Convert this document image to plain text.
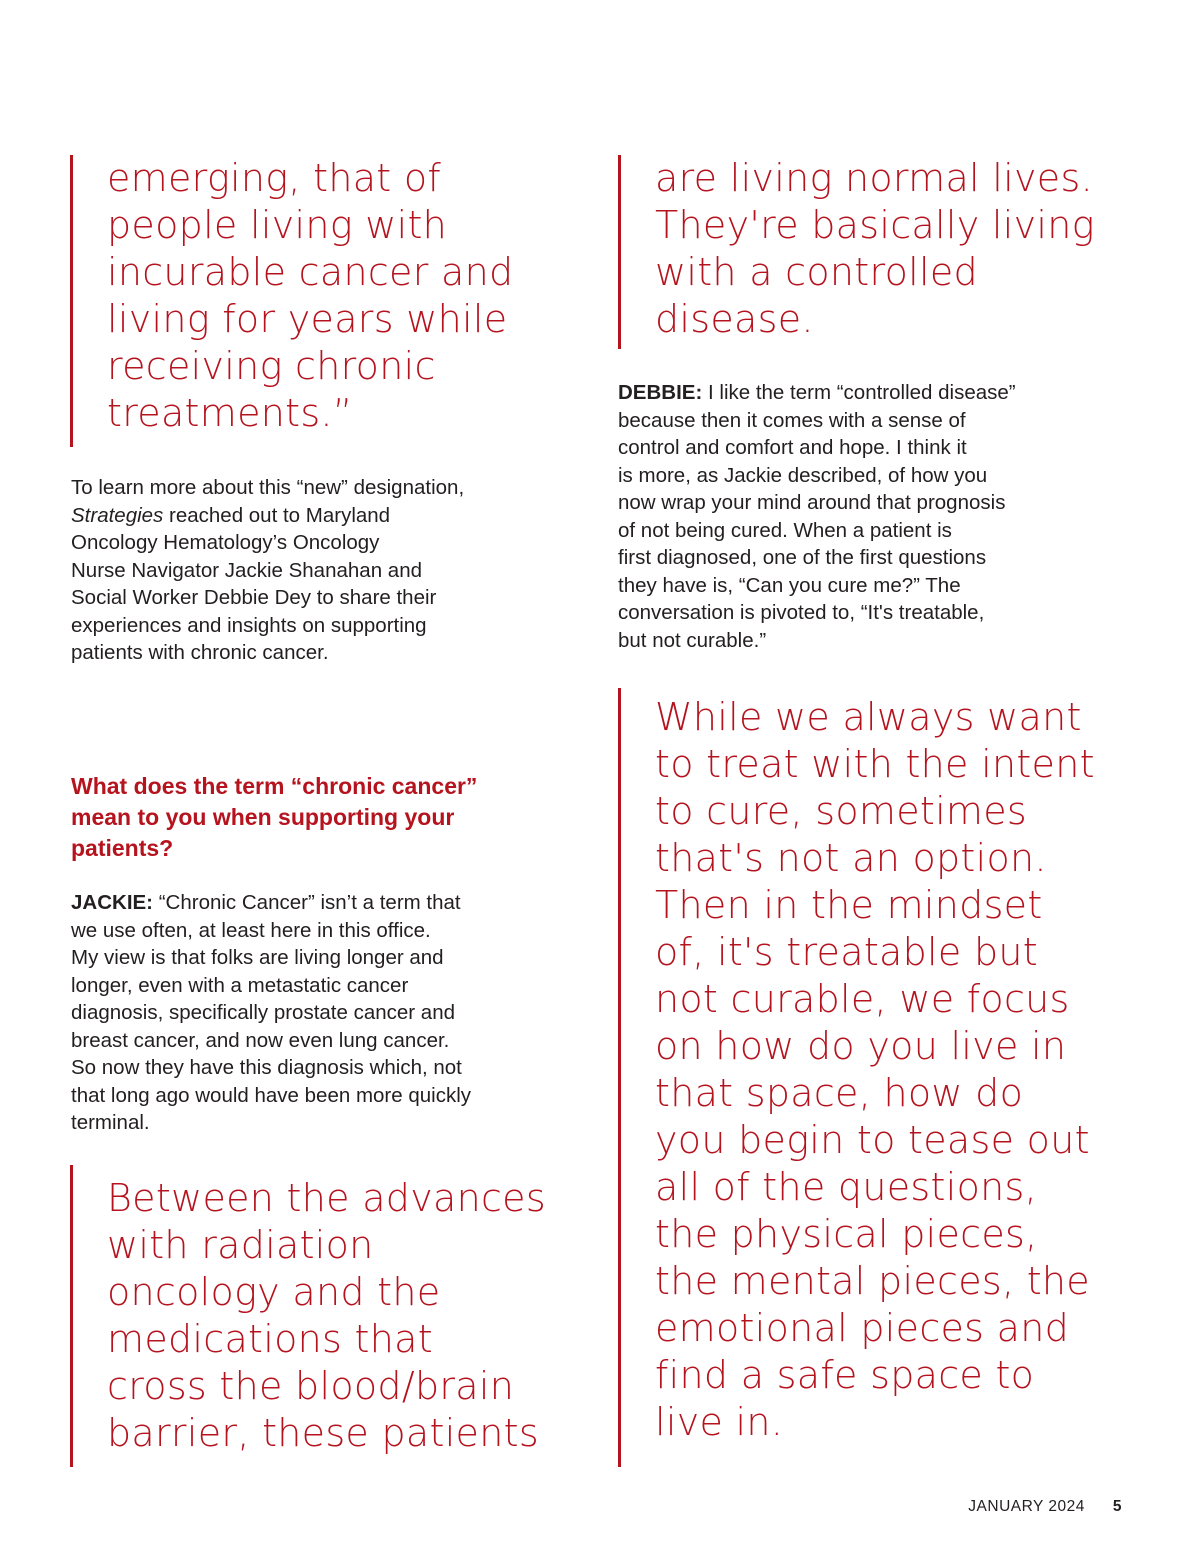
emerging, that of
people living with
incurable cancer and
living for years while
receiving chronic
treatments.”
To learn more about this “new” designation,
Strategies reached out to Maryland
Oncology Hematology’s Oncology
Nurse Navigator Jackie Shanahan and
Social Worker Debbie Dey to share their
experiences and insights on supporting
patients with chronic cancer.
What does the term “chronic cancer”
mean to you when supporting your
patients?
JACKIE: “Chronic Cancer” isn’t a term that
we use often, at least here in this office.
My view is that folks are living longer and
longer, even with a metastatic cancer
diagnosis, specifically prostate cancer and
breast cancer, and now even lung cancer.
So now they have this diagnosis which, not
that long ago would have been more quickly
terminal.
Between the advances
with radiation
oncology and the
medications that
cross the blood/brain
barrier, these patients
are living normal lives.
They're basically living
with a controlled
disease.
DEBBIE: I like the term “controlled disease”
because then it comes with a sense of
control and comfort and hope. I think it
is more, as Jackie described, of how you
now wrap your mind around that prognosis
of not being cured. When a patient is
first diagnosed, one of the first questions
they have is, “Can you cure me?” The
conversation is pivoted to, “It's treatable,
but not curable.”
While we always want
to treat with the intent
to cure, sometimes
that's not an option.
Then in the mindset
of, it's treatable but
not curable, we focus
on how do you live in
that space, how do
you begin to tease out
all of the questions,
the physical pieces,
the mental pieces, the
emotional pieces and
find a safe space to
live in.
JANUARY 2024 5
